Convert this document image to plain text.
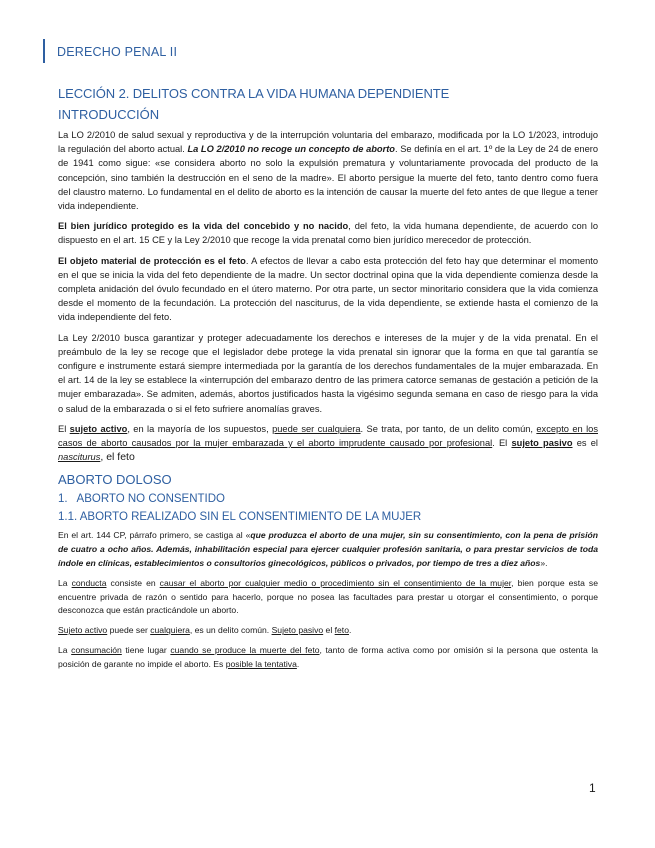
DERECHO PENAL II
LECCIÓN 2. DELITOS CONTRA LA VIDA HUMANA DEPENDIENTE
INTRODUCCIÓN

La LO 2/2010 de salud sexual y reproductiva y de la interrupción voluntaria del embarazo, modificada por la LO 1/2023, introdujo la regulación del aborto actual. La LO 2/2010 no recoge un concepto de aborto. Se definía en el art. 1º de la Ley de 24 de enero de 1941 como sigue: «se considera aborto no solo la expulsión prematura y voluntariamente provocada del producto de la concepción, sino también la destrucción en el seno de la madre». El aborto persigue la muerte del feto, tanto dentro como fuera del claustro materno. Lo fundamental en el delito de aborto es la intención de causar la muerte del feto antes de que llegue a tener vida independiente.

El bien jurídico protegido es la vida del concebido y no nacido, del feto, la vida humana dependiente, de acuerdo con lo dispuesto en el art. 15 CE y la Ley 2/2010 que recoge la vida prenatal como bien jurídico merecedor de protección.

El objeto material de protección es el feto. A efectos de llevar a cabo esta protección del feto hay que determinar el momento en el que se inicia la vida del feto dependiente de la madre. Un sector doctrinal opina que la vida dependiente comienza desde la completa anidación del óvulo fecundado en el útero materno. Por otra parte, un sector minoritario considera que la vida comienza desde el momento de la fecundación. La protección del nasciturus, de la vida dependiente, se extiende hasta el comienzo de la vida independiente del feto.

La Ley 2/2010 busca garantizar y proteger adecuadamente los derechos e intereses de la mujer y de la vida prenatal. En el preámbulo de la ley se recoge que el legislador debe protege la vida prenatal sin ignorar que la forma en que tal garantía se configure e instrumente estará siempre intermediada por la garantía de los derechos fundamentales de la mujer embarazada. En el art. 14 de la ley se establece la «interrupción del embarazo dentro de las primera catorce semanas de gestación a petición de la mujer embarazada». Se admiten, además, abortos justificados hasta la vigésimo segunda semana en caso de riesgo para la vida o salud de la embarazada o si el feto sufriere anomalías graves.

El sujeto activo, en la mayoría de los supuestos, puede ser cualquiera. Se trata, por tanto, de un delito común, excepto en los casos de aborto causados por la mujer embarazada y el aborto imprudente causado por profesional. El sujeto pasivo es el nasciturus, el feto

ABORTO DOLOSO
1.   ABORTO NO CONSENTIDO
1.1. ABORTO REALIZADO SIN EL CONSENTIMIENTO DE LA MUJER

En el art. 144 CP, párrafo primero, se castiga al «que produzca el aborto de una mujer, sin su consentimiento, con la pena de prisión de cuatro a ocho años. Además, inhabilitación especial para ejercer cualquier profesión sanitaria, o para prestar servicios de toda índole en clínicas, establecimientos o consultorios ginecológicos, públicos o privados, por tiempo de tres a diez años».

La conducta consiste en causar el aborto por cualquier medio o procedimiento sin el consentimiento de la mujer, bien porque esta se encuentre privada de razón o sentido para hacerlo, porque no posea las facultades para prestar u otorgar el consentimiento, o porque desconozca que están practicándole un aborto.

Sujeto activo puede ser cualquiera, es un delito común. Sujeto pasivo el feto.

La consumación tiene lugar cuando se produce la muerte del feto, tanto de forma activa como por omisión si la persona que ostenta la posición de garante no impide el aborto. Es posible la tentativa.

1
